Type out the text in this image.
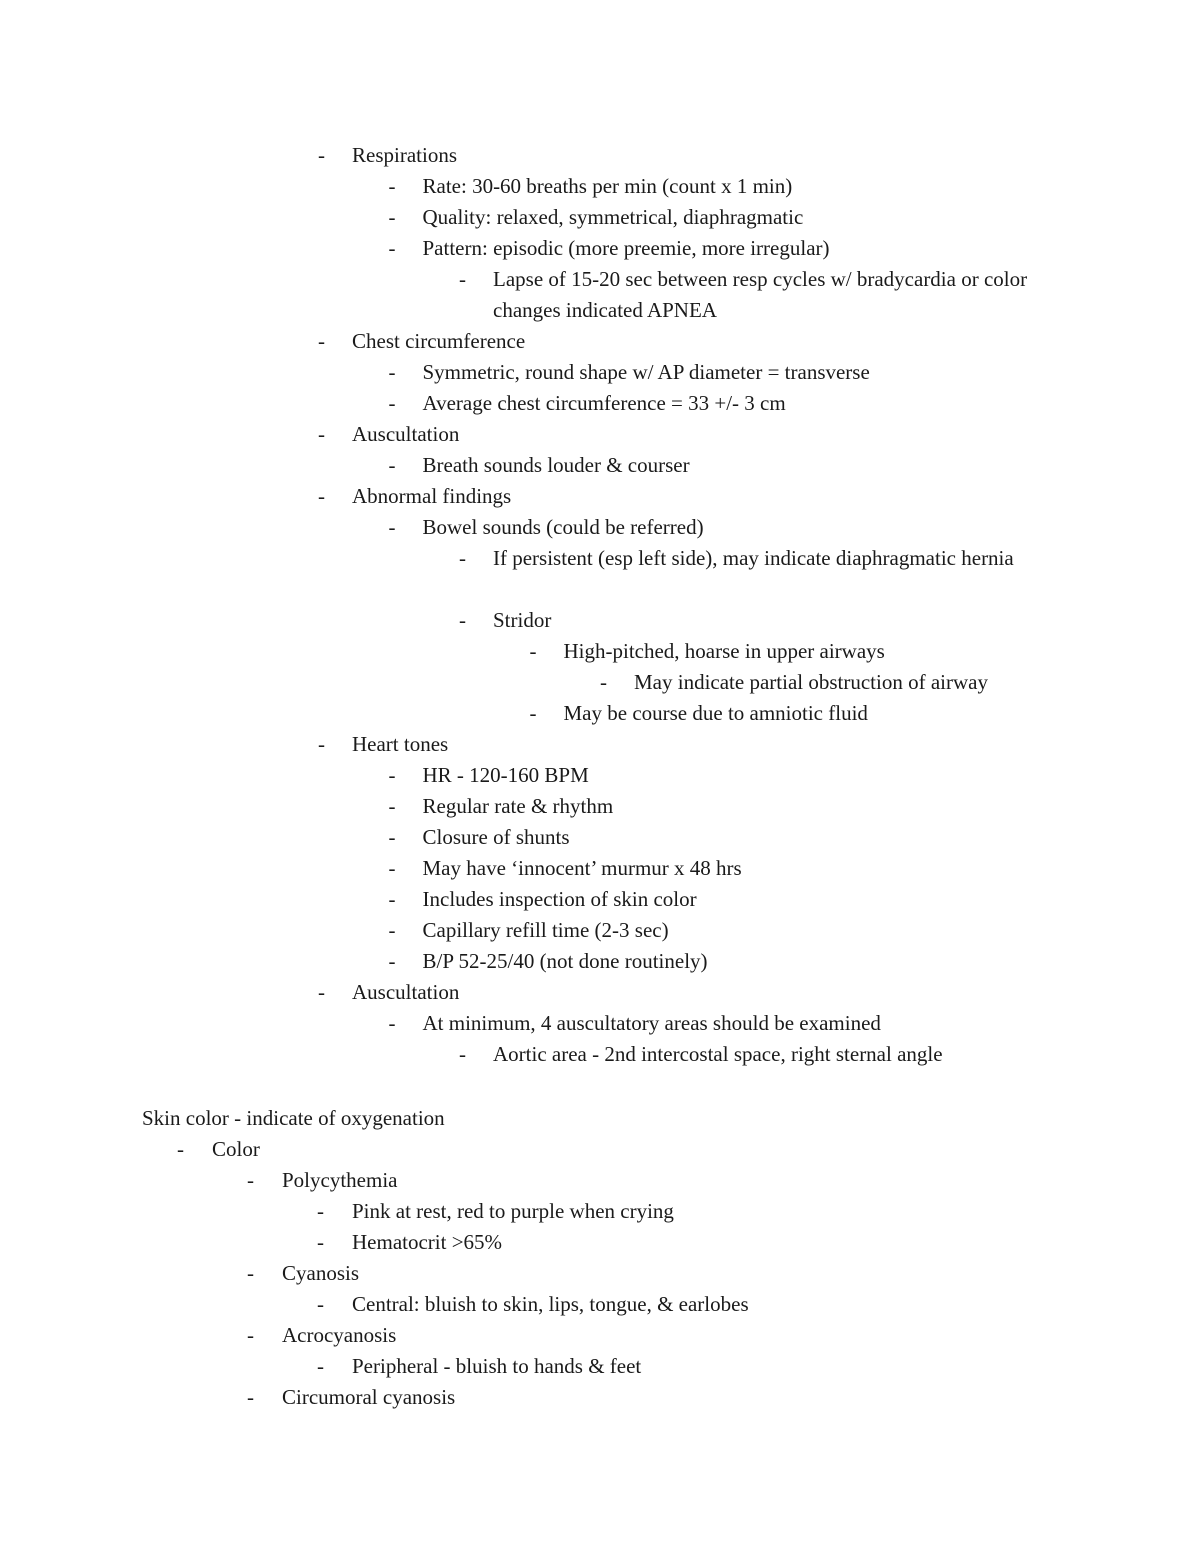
-	Respirations
-	Rate: 30-60 breaths per min (count x 1 min)
-	Quality: relaxed, symmetrical, diaphragmatic
-	Pattern: episodic (more preemie, more irregular)
-	Lapse of 15-20 sec between resp cycles w/ bradycardia or color changes indicated APNEA
-	Chest circumference
-	Symmetric, round shape w/ AP diameter = transverse
-	Average chest circumference = 33 +/- 3 cm
-	Auscultation
-	Breath sounds louder & courser
-	Abnormal findings
-	Bowel sounds (could be referred)
-	If persistent (esp left side), may indicate diaphragmatic hernia
-	Stridor
-	High-pitched, hoarse in upper airways
-	May indicate partial obstruction of airway
-	May be course due to amniotic fluid
-	Heart tones
-	HR - 120-160 BPM
-	Regular rate & rhythm
-	Closure of shunts
-	May have ‘innocent’ murmur x 48 hrs
-	Includes inspection of skin color
-	Capillary refill time (2-3 sec)
-	B/P 52-25/40 (not done routinely)
-	Auscultation
-	At minimum, 4 auscultatory areas should be examined
-	Aortic area - 2nd intercostal space, right sternal angle
Skin color - indicate of oxygenation
-	Color
-	Polycythemia
-	Pink at rest, red to purple when crying
-	Hematocrit >65%
-	Cyanosis
-	Central: bluish to skin, lips, tongue, & earlobes
-	Acrocyanosis
-	Peripheral - bluish to hands & feet
-	Circumoral cyanosis
